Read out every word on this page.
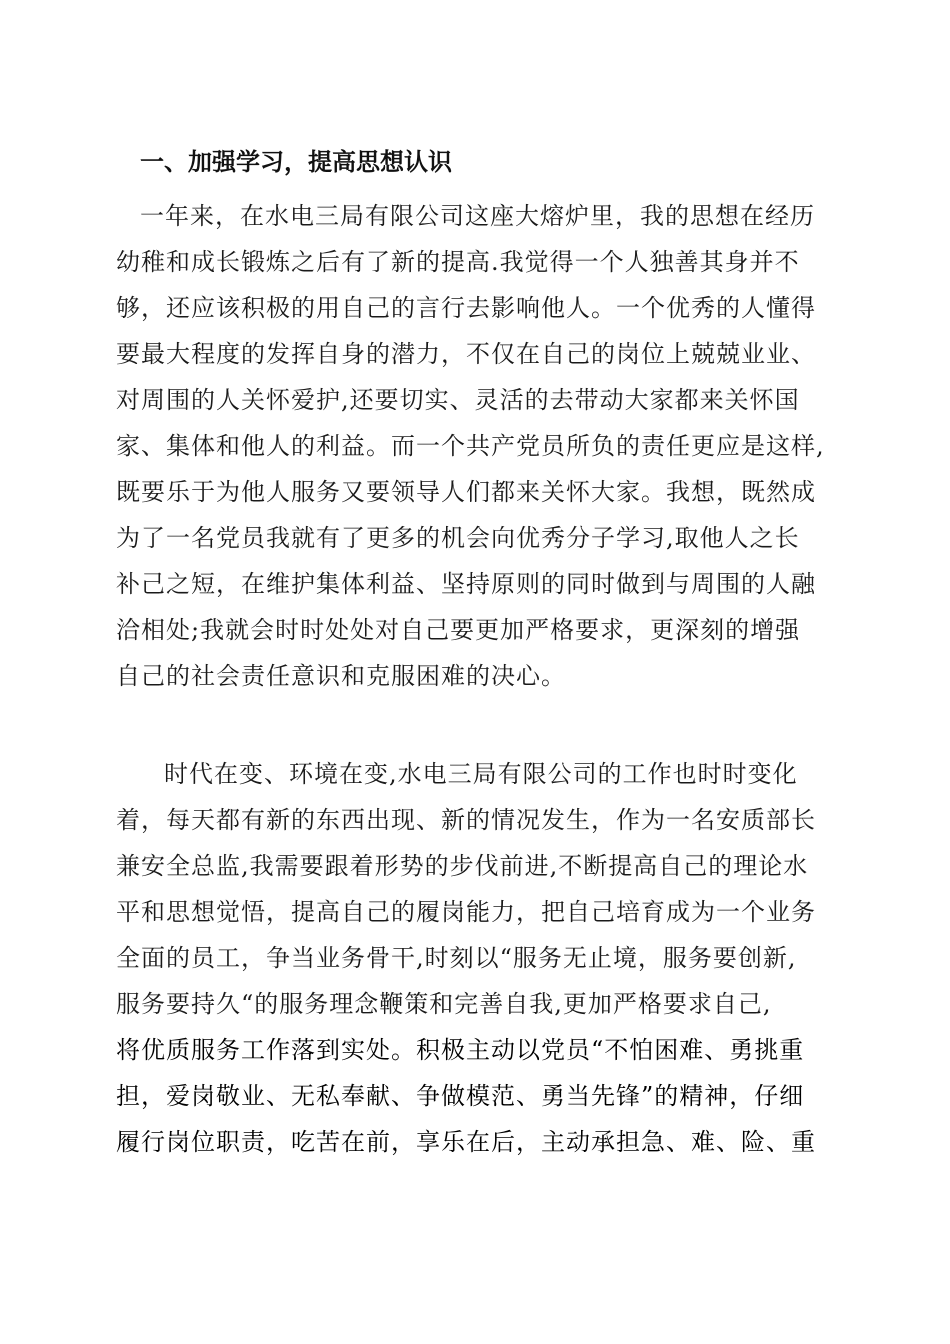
一、加强学习，提高思想认识
一年来，在水电三局有限公司这座大熔炉里，我的思想在经历
幼稚和成长锻炼之后有了新的提高.我觉得一个人独善其身并不
够，还应该积极的用自己的言行去影响他人。一个优秀的人懂得
要最大程度的发挥自身的潜力，不仅在自己的岗位上兢兢业业、
对周围的人关怀爱护,还要切实、灵活的去带动大家都来关怀国
家、集体和他人的利益。而一个共产党员所负的责任更应是这样,
既要乐于为他人服务又要领导人们都来关怀大家。我想，既然成
为了一名党员我就有了更多的机会向优秀分子学习,取他人之长
补己之短，在维护集体利益、坚持原则的同时做到与周围的人融
洽相处;我就会时时处处对自己要更加严格要求，更深刻的增强
自己的社会责任意识和克服困难的决心。
时代在变、环境在变,水电三局有限公司的工作也时时变化
着，每天都有新的东西出现、新的情况发生，作为一名安质部长
兼安全总监,我需要跟着形势的步伐前进,不断提高自己的理论水
平和思想觉悟，提高自己的履岗能力，把自己培育成为一个业务
全面的员工，争当业务骨干,时刻以“服务无止境，服务要创新,
服务要持久“的服务理念鞭策和完善自我,更加严格要求自己,
将优质服务工作落到实处。积极主动以党员“不怕困难、勇挑重
担，爱岗敬业、无私奉献、争做模范、勇当先锋”的精神，仔细
履行岗位职责，吃苦在前，享乐在后，主动承担急、难、险、重
